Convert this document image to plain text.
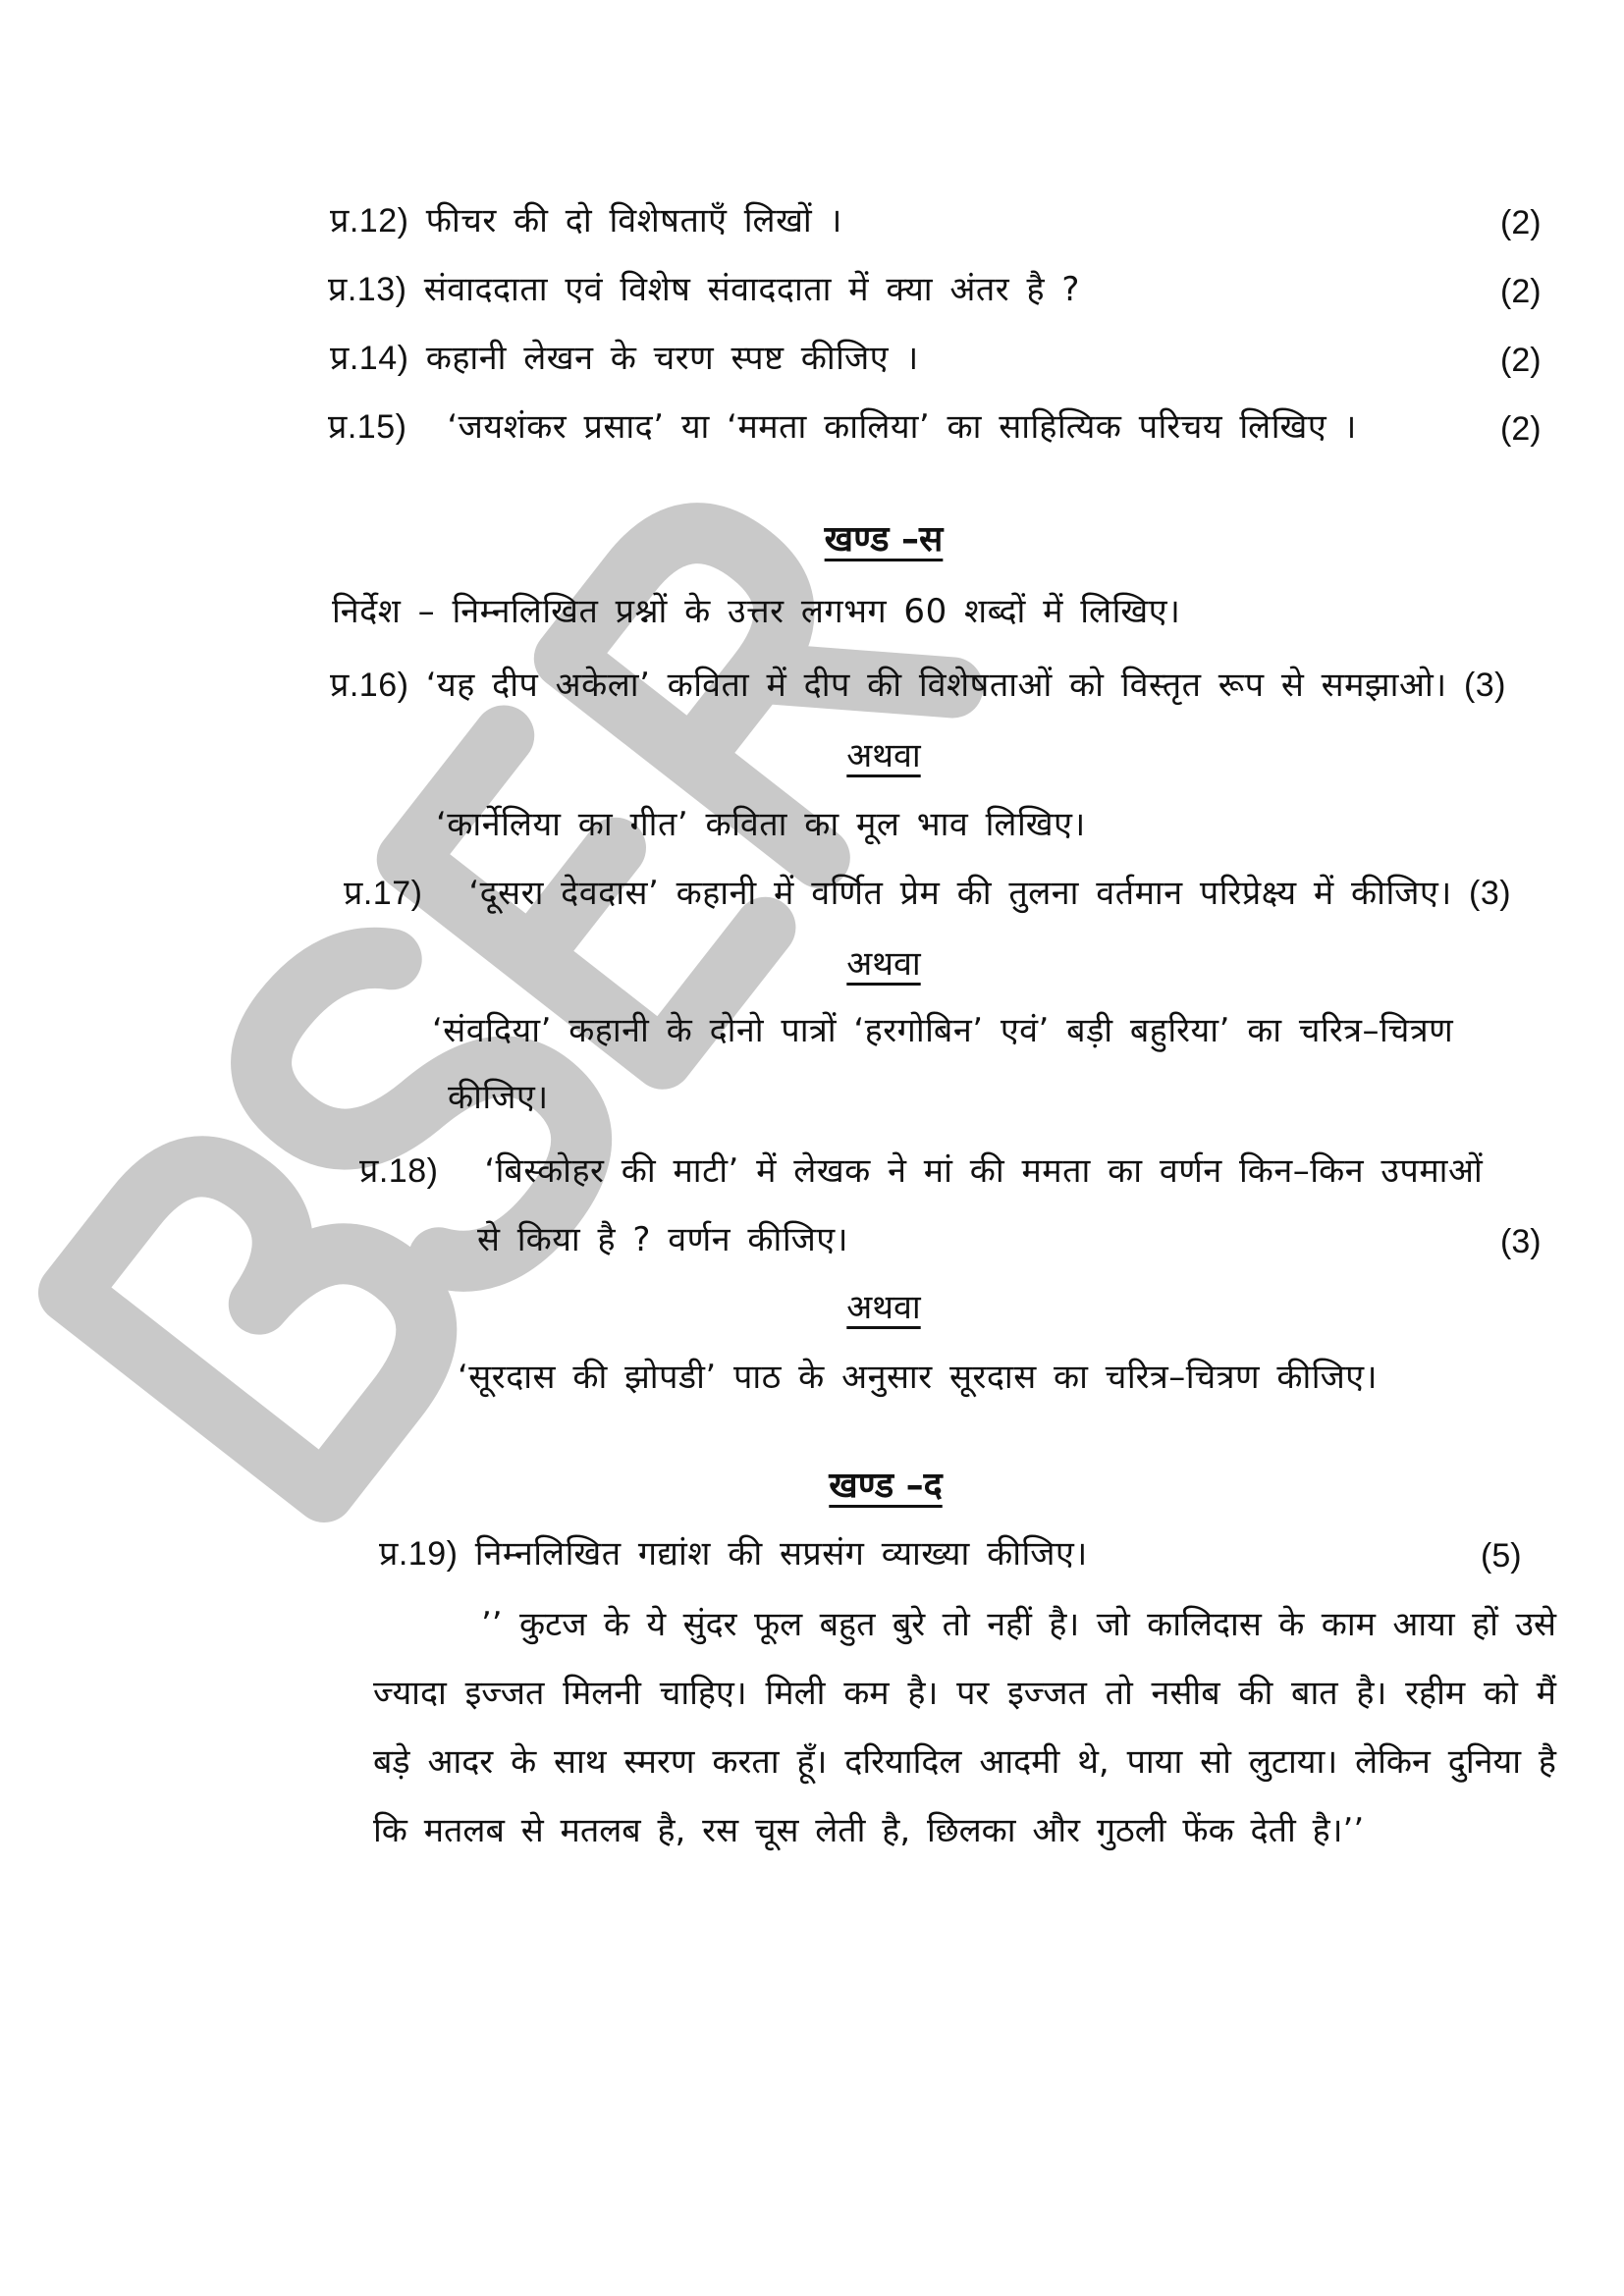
प्र.12) फीचर की दो विशेषताएँ लिखों ।	(2)
प्र.13) संवाददाता एवं विशेष संवाददाता में क्या अंतर है ?	(2)
प्र.14) कहानी लेखन के चरण स्पष्ट कीजिए ।	(2)
प्र.15) ‘जयशंकर प्रसाद’ या ‘ममता कालिया’ का साहित्यिक परिचय लिखिए ।	(2)
खण्ड –स
निर्देश – निम्नलिखित प्रश्नों के उत्तर लगभग 60 शब्दों में लिखिए।
प्र.16) ‘यह दीप अकेला’ कविता में दीप की विशेषताओं को विस्तृत रूप से समझाओ। (3)
अथवा
‘कार्नेलिया का गीत’ कविता का मूल भाव लिखिए।
प्र.17) ‘दूसरा देवदास’ कहानी में वर्णित प्रेम की तुलना वर्तमान परिप्रेक्ष्य में कीजिए। (3)
अथवा
‘संवदिया’ कहानी के दोनो पात्रों ‘हरगोबिन’ एवं’ बड़ी बहुरिया’ का चरित्र–चित्रण
कीजिए।
प्र.18) ‘बिस्कोहर की माटी’ में लेखक ने मां की ममता का वर्णन किन–किन उपमाओं
से किया है ? वर्णन कीजिए।	(3)
अथवा
‘सूरदास की झोपडी’ पाठ के अनुसार सूरदास का चरित्र–चित्रण कीजिए।
खण्ड –द
प्र.19) निम्नलिखित गद्यांश की सप्रसंग व्याख्या कीजिए।	(5)

’’ कुटज के ये सुंदर फूल बहुत बुरे तो नहीं है। जो कालिदास के काम आया हों उसे ज्यादा इज्जत मिलनी चाहिए। मिली कम है। पर इज्जत तो नसीब की बात है। रहीम को मैं बड़े आदर के साथ स्मरण करता हूँ। दरियादिल आदमी थे, पाया सो लुटाया। लेकिन दुनिया है कि मतलब से मतलब है, रस चूस लेती है, छिलका और गुठली फेंक देती है।’’
